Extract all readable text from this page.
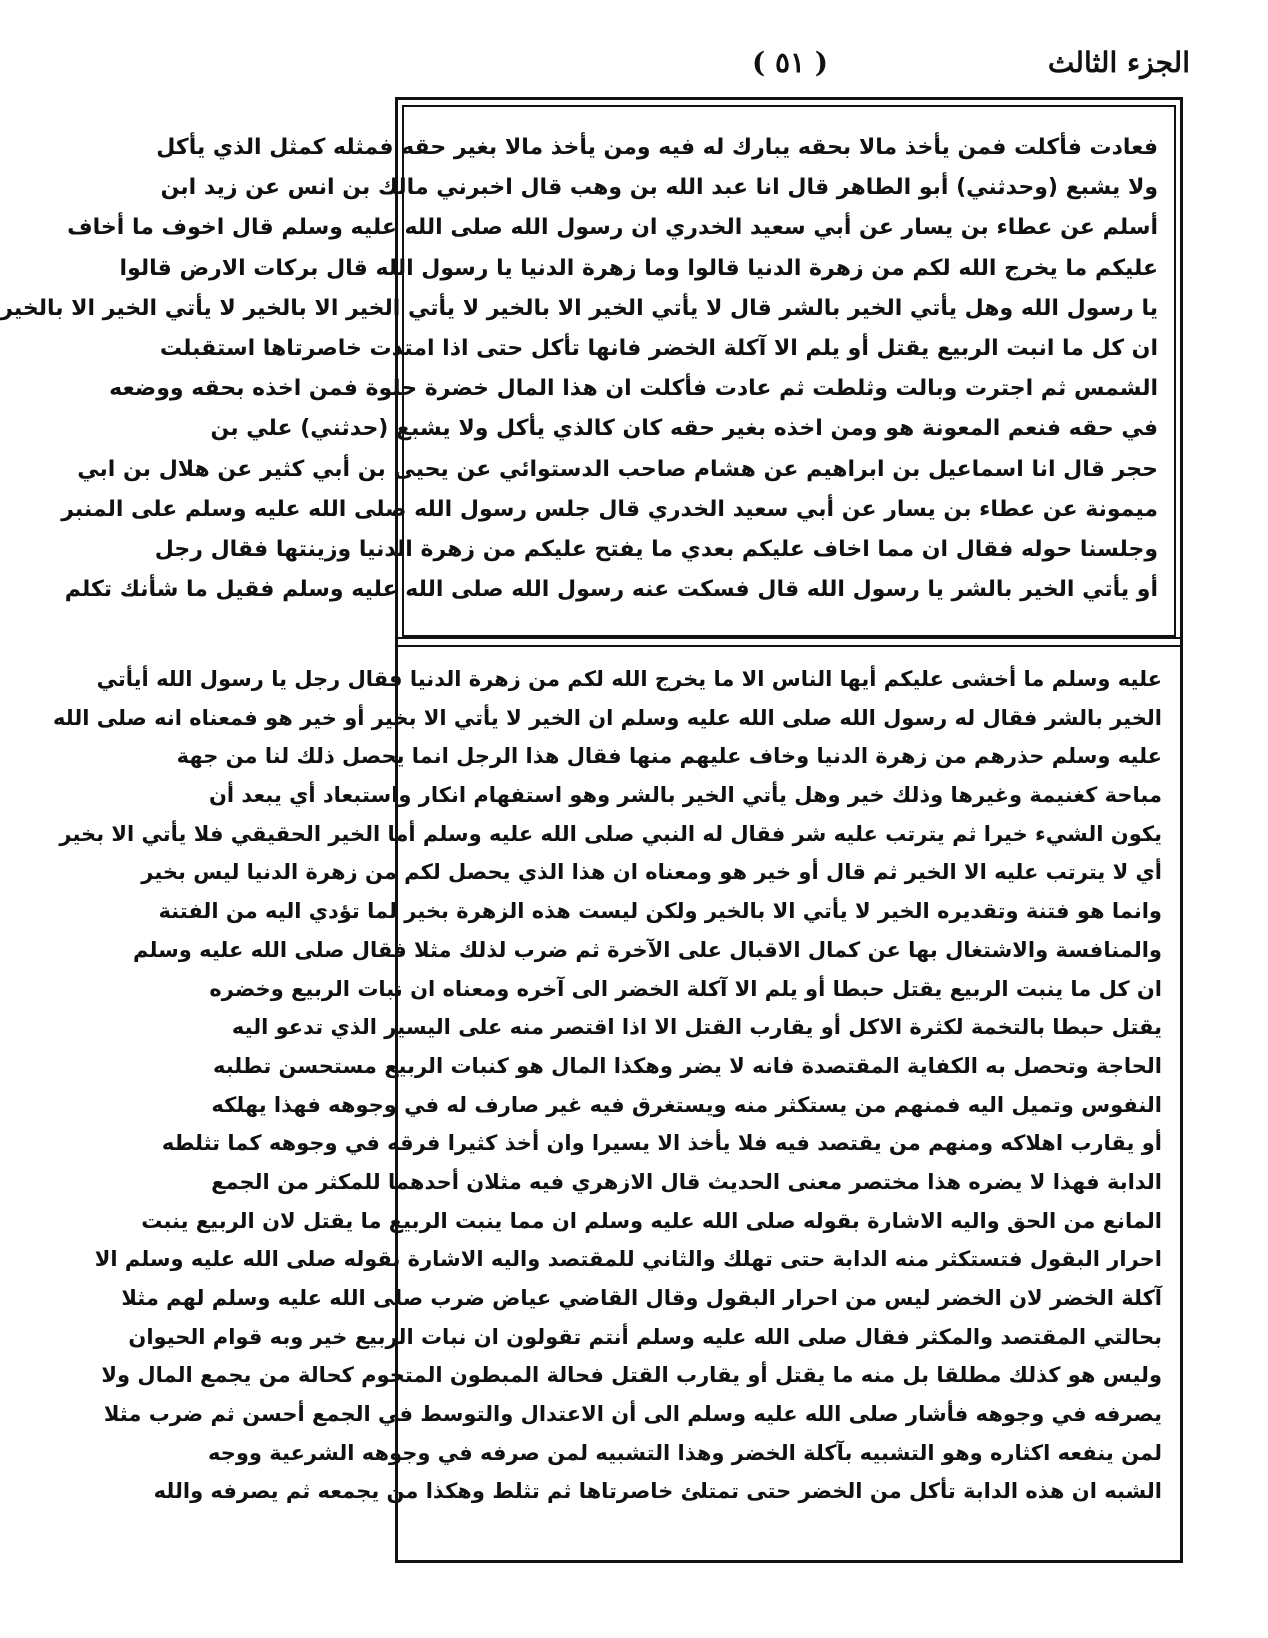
الجزء الثالث
( ٥١ )
فعادت فأكلت فمن يأخذ مالا بحقه يبارك له فيه ومن يأخذ مالا بغير حقه فمثله كمثل الذي يأكل
ولا يشبع (وحدثني) أبو الطاهر قال انا عبد الله بن وهب قال اخبرني مالك بن انس عن زيد ابن
أسلم عن عطاء بن يسار عن أبي سعيد الخدري ان رسول الله صلى الله عليه وسلم قال اخوف ما أخاف
عليكم ما يخرج الله لكم من زهرة الدنيا قالوا وما زهرة الدنيا يا رسول الله قال بركات الارض قالوا
يا رسول الله وهل يأتي الخير بالشر قال لا يأتي الخير الا بالخير لا يأتي الخير الا بالخير لا يأتي الخير الا بالخير
ان كل ما انبت الربيع يقتل أو يلم الا آكلة الخضر فانها تأكل حتى اذا امتدت خاصرتاها استقبلت
الشمس ثم اجترت وبالت وثلطت ثم عادت فأكلت ان هذا المال خضرة حلوة فمن اخذه بحقه ووضعه
في حقه فنعم المعونة هو ومن اخذه بغير حقه كان كالذي يأكل ولا يشبع (حدثني) علي بن
حجر قال انا اسماعيل بن ابراهيم عن هشام صاحب الدستوائي عن يحيى بن أبي كثير عن هلال بن ابي
ميمونة عن عطاء بن يسار عن أبي سعيد الخدري قال جلس رسول الله صلى الله عليه وسلم على المنبر
وجلسنا حوله فقال ان مما اخاف عليكم بعدي ما يفتح عليكم من زهرة الدنيا وزينتها فقال رجل
أو يأتي الخير بالشر يا رسول الله قال فسكت عنه رسول الله صلى الله عليه وسلم فقيل ما شأنك تكلم
عليه وسلم ما أخشى عليكم أيها الناس الا ما يخرج الله لكم من زهرة الدنيا فقال رجل يا رسول الله أيأتي
الخير بالشر فقال له رسول الله صلى الله عليه وسلم ان الخير لا يأتي الا بخير أو خير هو فمعناه انه صلى الله
عليه وسلم حذرهم من زهرة الدنيا وخاف عليهم منها فقال هذا الرجل انما يحصل ذلك لنا من جهة
مباحة كغنيمة وغيرها وذلك خير وهل يأتي الخير بالشر وهو استفهام انكار واستبعاد أي يبعد أن
يكون الشيء خيرا ثم يترتب عليه شر فقال له النبي صلى الله عليه وسلم أما الخير الحقيقي فلا يأتي الا بخير
أي لا يترتب عليه الا الخير ثم قال أو خير هو ومعناه ان هذا الذي يحصل لكم من زهرة الدنيا ليس بخير
وانما هو فتنة وتقديره الخير لا يأتي الا بالخير ولكن ليست هذه الزهرة بخير لما تؤدي اليه من الفتنة
والمنافسة والاشتغال بها عن كمال الاقبال على الآخرة ثم ضرب لذلك مثلا فقال صلى الله عليه وسلم
ان كل ما ينبت الربيع يقتل حبطا أو يلم الا آكلة الخضر الى آخره ومعناه ان نبات الربيع وخضره
يقتل حبطا بالتخمة لكثرة الاكل أو يقارب القتل الا اذا اقتصر منه على اليسير الذي تدعو اليه
الحاجة وتحصل به الكفاية المقتصدة فانه لا يضر وهكذا المال هو كنبات الربيع مستحسن تطلبه
النفوس وتميل اليه فمنهم من يستكثر منه ويستغرق فيه غير صارف له في وجوهه فهذا يهلكه
أو يقارب اهلاكه ومنهم من يقتصد فيه فلا يأخذ الا يسيرا وان أخذ كثيرا فرقه في وجوهه كما تثلطه
الدابة فهذا لا يضره هذا مختصر معنى الحديث قال الازهري فيه مثلان أحدهما للمكثر من الجمع
المانع من الحق واليه الاشارة بقوله صلى الله عليه وسلم ان مما ينبت الربيع ما يقتل لان الربيع ينبت
احرار البقول فتستكثر منه الدابة حتى تهلك والثاني للمقتصد واليه الاشارة بقوله صلى الله عليه وسلم الا
آكلة الخضر لان الخضر ليس من احرار البقول وقال القاضي عياض ضرب صلى الله عليه وسلم لهم مثلا
بحالتي المقتصد والمكثر فقال صلى الله عليه وسلم أنتم تقولون ان نبات الربيع خير وبه قوام الحيوان
وليس هو كذلك مطلقا بل منه ما يقتل أو يقارب القتل فحالة المبطون المتخوم كحالة من يجمع المال ولا
يصرفه في وجوهه فأشار صلى الله عليه وسلم الى أن الاعتدال والتوسط في الجمع أحسن ثم ضرب مثلا
لمن ينفعه اكثاره وهو التشبيه بآكلة الخضر وهذا التشبيه لمن صرفه في وجوهه الشرعية ووجه
الشبه ان هذه الدابة تأكل من الخضر حتى تمتلئ خاصرتاها ثم تثلط وهكذا من يجمعه ثم يصرفه والله
